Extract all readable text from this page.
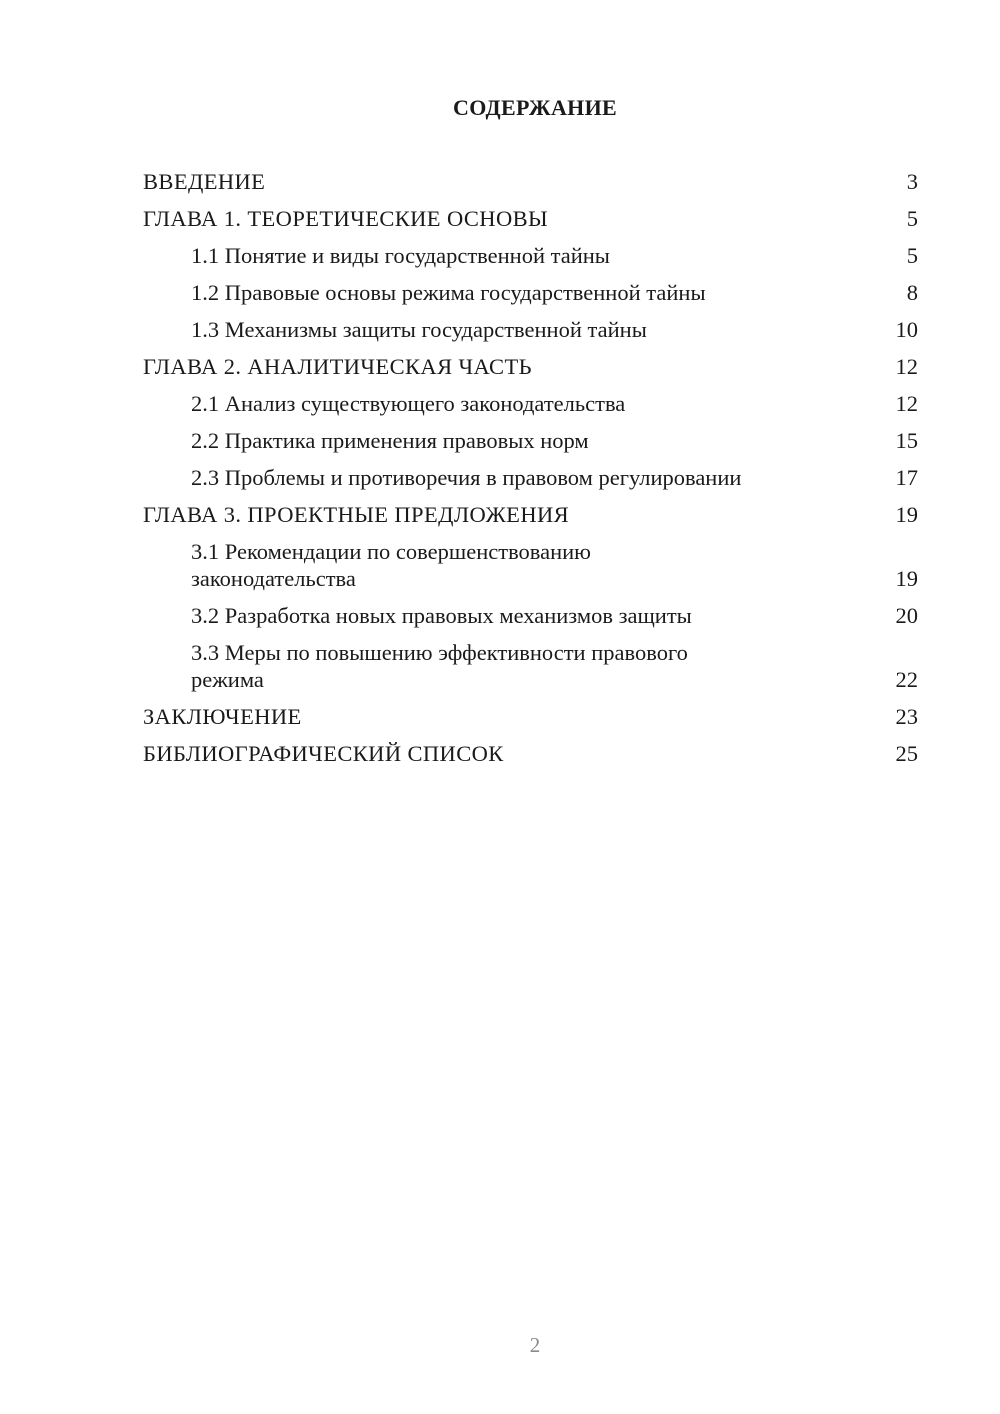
СОДЕРЖАНИЕ
ВВЕДЕНИЕ	3
ГЛАВА 1. ТЕОРЕТИЧЕСКИЕ ОСНОВЫ	5
1.1 Понятие и виды государственной тайны	5
1.2 Правовые основы режима государственной тайны	8
1.3 Механизмы защиты государственной тайны	10
ГЛАВА 2. АНАЛИТИЧЕСКАЯ ЧАСТЬ	12
2.1 Анализ существующего законодательства	12
2.2 Практика применения правовых норм	15
2.3 Проблемы и противоречия в правовом регулировании	17
ГЛАВА 3. ПРОЕКТНЫЕ ПРЕДЛОЖЕНИЯ	19
3.1 Рекомендации по совершенствованию законодательства	19
3.2 Разработка новых правовых механизмов защиты	20
3.3 Меры по повышению эффективности правового режима	22
ЗАКЛЮЧЕНИЕ	23
БИБЛИОГРАФИЧЕСКИЙ СПИСОК	25
2
